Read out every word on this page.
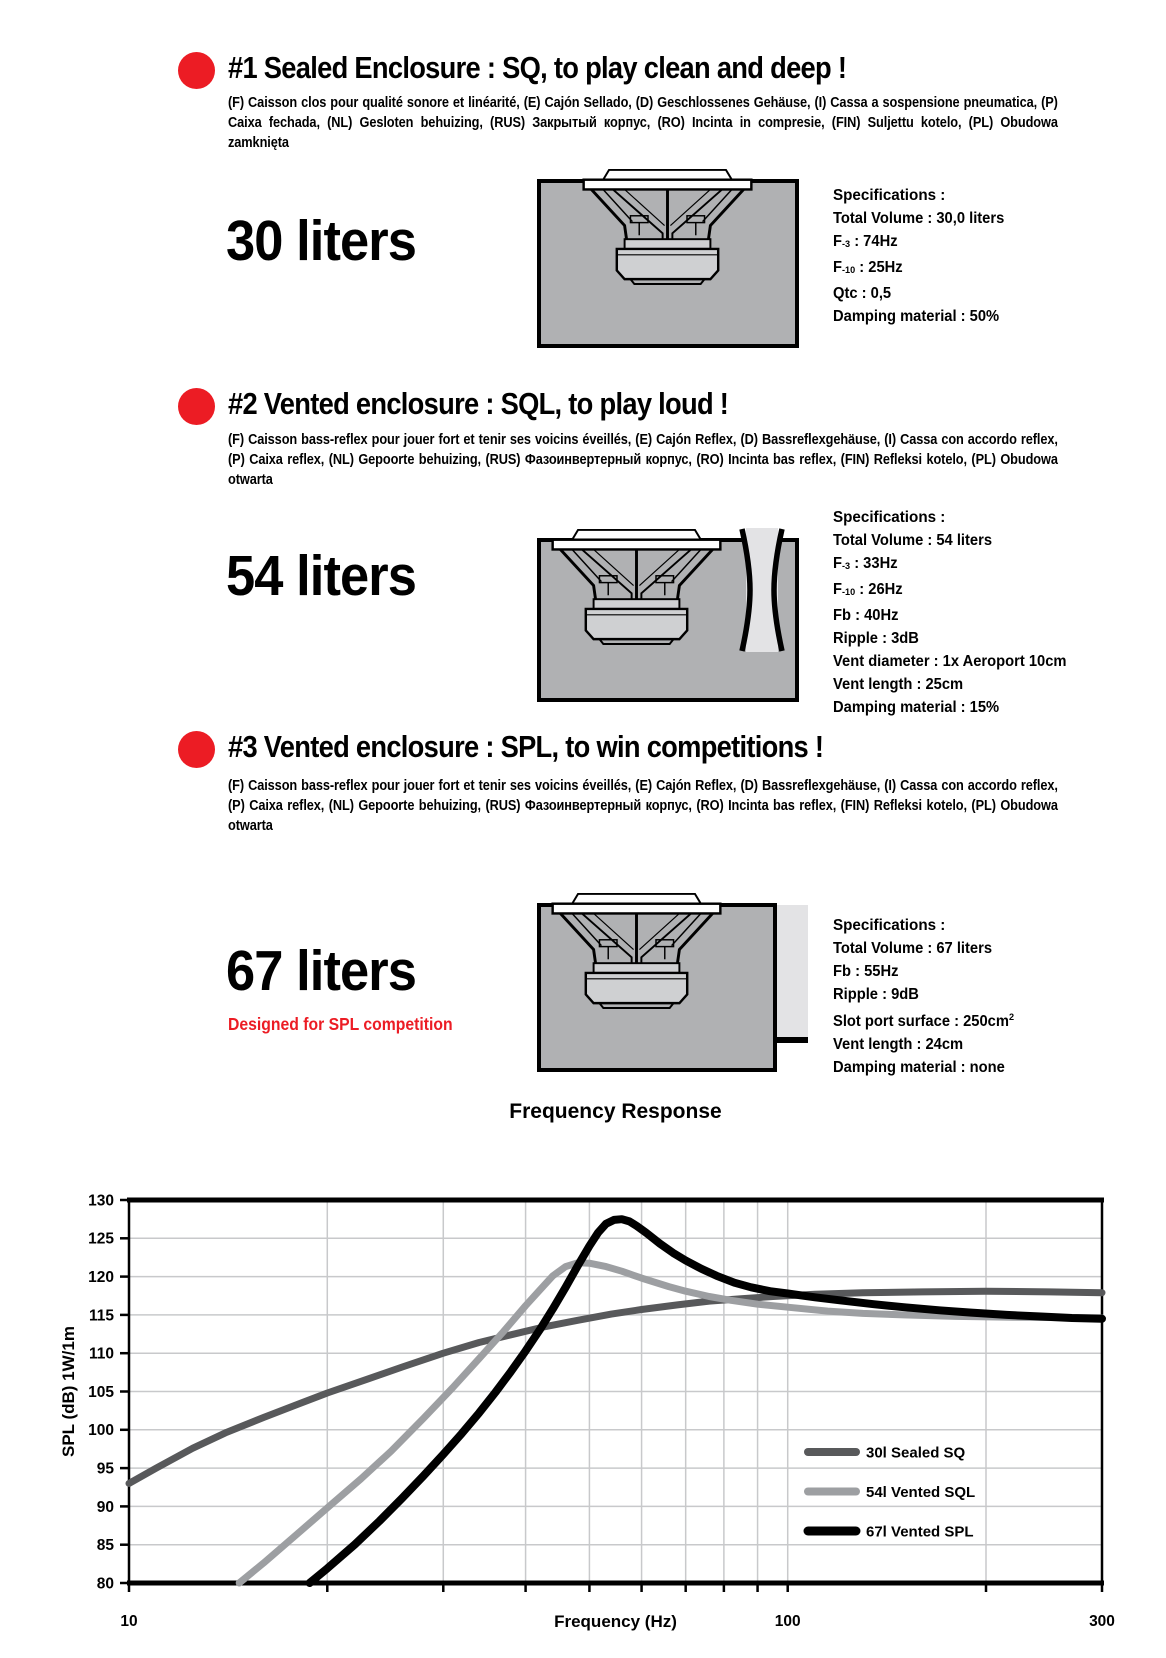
#1 Sealed Enclosure : SQ, to play clean and deep !

(F) Caisson clos pour qualité sonore et linéarité, (E) Cajón Sellado, (D) Geschlossenes Gehäuse, (I) Cassa a sospensione pneumatica, (P) Caixa fechada, (NL) Gesloten behuizing, (RUS) Закрытый корпус, (RO) Incinta in compresie, (FIN) Suljettu kotelo, (PL) Obudowa zamknięta

30 liters
Specifications :
Total Volume : 30,0 liters
$F_{-3}$ : 74Hz
$F_{-10}$ : 25Hz
Qtc : 0,5
Damping material : 50%
#2 Vented enclosure : SQL, to play loud !

(F) Caisson bass-reflex pour jouer fort et tenir ses voicins éveillés, (E) Cajón Reflex, (D) Bassreflexgehäuse, (I) Cassa con accordo reflex, (P) Caixa reflex, (NL) Gepoorte behuizing, (RUS) Фазоинвертерный корпус, (RO) Incinta bas reflex, (FIN) Refleksi kotelo, (PL) Obudowa otwarta

54 liters
Specifications :
Total Volume : 54 liters
$F_{-3}$ : 33Hz
$F_{-10}$ : 26Hz
Fb : 40Hz
Ripple : 3dB
Vent diameter : 1x Aeroport 10cm
Vent length : 25cm
Damping material : 15%
#3 Vented enclosure : SPL, to win competitions !

(F) Caisson bass-reflex pour jouer fort et tenir ses voicins éveillés, (E) Cajón Reflex, (D) Bassreflexgehäuse, (I) Cassa con accordo reflex, (P) Caixa reflex, (NL) Gepoorte behuizing, (RUS) Фазоинвертерный корпус, (RO) Incinta bas reflex, (FIN) Refleksi kotelo, (PL) Obudowa otwarta

67 liters
Designed for SPL competition
Specifications :
Total Volume : 67 liters
Fb : 55Hz
Ripple : 9dB
Slot port surface : $250cm^2$
Vent length : 24cm
Damping material : none
Frequency Response
80
85
90
95
100
105
110
115
120
125
130
10	100	300
Frequency (Hz)
SPL (dB) 1W/1m	30l Sealed SQ
54l Vented SQL
67l Vented SPL
